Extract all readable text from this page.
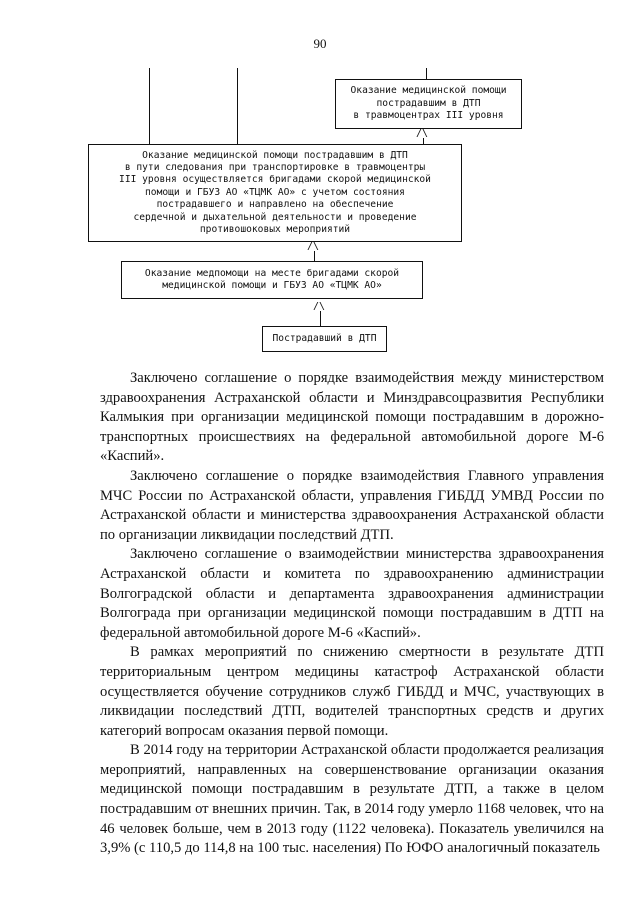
90
Оказание медицинской помощи
пострадавшим в ДТП
в травмоцентрах III уровня
/\
Оказание медицинской помощи пострадавшим в ДТП
в пути следования при транспортировке в травмоцентры
III уровня осуществляется бригадами скорой медицинской
помощи и ГБУЗ АО «ТЦМК АО» с учетом состояния
пострадавшего и направлено на обеспечение
сердечной и дыхательной деятельности и проведение
противошоковых мероприятий
/\
Оказание медпомощи на месте бригадами скорой
медицинской помощи и ГБУЗ АО «ТЦМК АО»
/\
Пострадавший в ДТП

Заключено соглашение о порядке взаимодействия между министерством здравоохранения Астраханской области и Минздравсоцразвития Республики Калмыкия при организации медицинской помощи пострадавшим в дорожно-транспортных происшествиях на федеральной автомобильной дороге М-6 «Каспий».

Заключено соглашение о порядке взаимодействия Главного управления МЧС России по Астраханской области, управления ГИБДД УМВД России по Астраханской области и министерства здравоохранения Астраханской области по организации ликвидации последствий ДТП.

Заключено соглашение о взаимодействии министерства здравоохранения Астраханской области и комитета по здравоохранению администрации Волгоградской области и департамента здравоохранения администрации Волгограда при организации медицинской помощи пострадавшим в ДТП на федеральной автомобильной дороге М-6 «Каспий».

В рамках мероприятий по снижению смертности в результате ДТП территориальным центром медицины катастроф Астраханской области осуществляется обучение сотрудников служб ГИБДД и МЧС, участвующих в ликвидации последствий ДТП, водителей транспортных средств и других категорий вопросам оказания первой помощи.

В 2014 году на территории Астраханской области продолжается реализация мероприятий, направленных на совершенствование организации оказания медицинской помощи пострадавшим в результате ДТП, а также в целом пострадавшим от внешних причин. Так, в 2014 году умерло 1168 человек, что на 46 человек больше, чем в 2013 году (1122 человека). Показатель увеличился на 3,9% (с 110,5 до 114,8 на 100 тыс. населения) По ЮФО аналогичный показатель
